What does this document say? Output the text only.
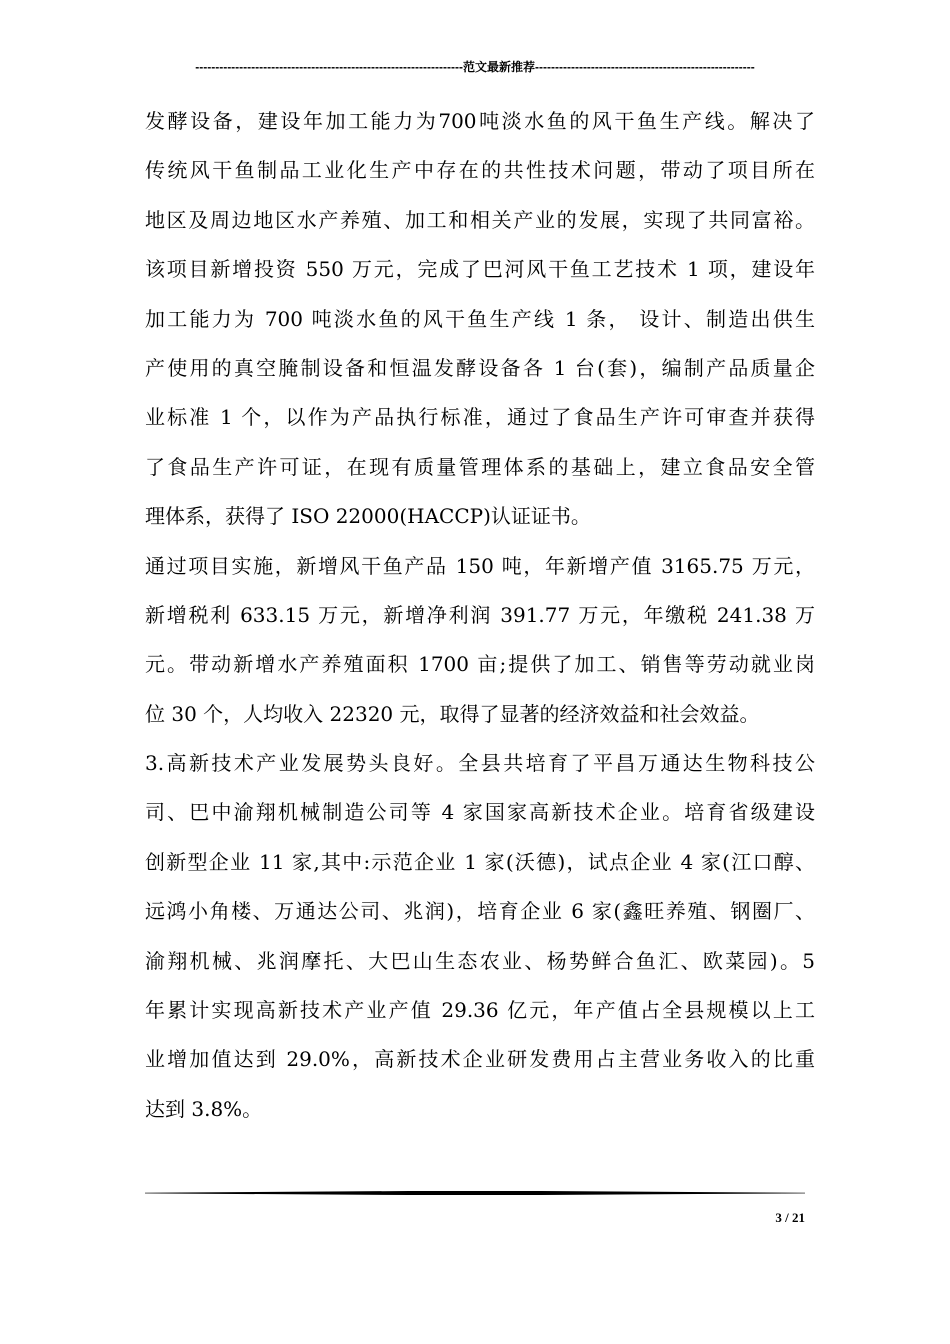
-------------------------------------------------------------------范文最新推荐-------------------------------------------------------
发酵设备，建设年加工能力为700吨淡水鱼的风干鱼生产线。解决了
传统风干鱼制品工业化生产中存在的共性技术问题，带动了项目所在
地区及周边地区水产养殖、加工和相关产业的发展，实现了共同富裕。
该项目新增投资 550 万元，完成了巴河风干鱼工艺技术 1 项，建设年
加工能力为 700 吨淡水鱼的风干鱼生产线 1 条， 设计、制造出供生
产使用的真空腌制设备和恒温发酵设备各 1 台(套)，编制产品质量企
业标准 1 个，以作为产品执行标准，通过了食品生产许可审查并获得
了食品生产许可证，在现有质量管理体系的基础上，建立食品安全管
理体系，获得了 ISO 22000(HACCP)认证证书。
通过项目实施，新增风干鱼产品 150 吨，年新增产值 3165.75 万元，
新增税利 633.15 万元，新增净利润 391.77 万元，年缴税 241.38 万
元。带动新增水产养殖面积 1700 亩;提供了加工、销售等劳动就业岗
位 30 个，人均收入 22320 元，取得了显著的经济效益和社会效益。
3.高新技术产业发展势头良好。全县共培育了平昌万通达生物科技公
司、巴中渝翔机械制造公司等 4 家国家高新技术企业。培育省级建设
创新型企业 11 家,其中:示范企业 1 家(沃德)，试点企业 4 家(江口醇、
远鸿小角楼、万通达公司、兆润)，培育企业 6 家(鑫旺养殖、钢圈厂、
渝翔机械、兆润摩托、大巴山生态农业、杨势鲜合鱼汇、欧菜园)。5
年累计实现高新技术产业产值 29.36 亿元，年产值占全县规模以上工
业增加值达到 29.0%，高新技术企业研发费用占主营业务收入的比重
达到 3.8%。
3 / 21
